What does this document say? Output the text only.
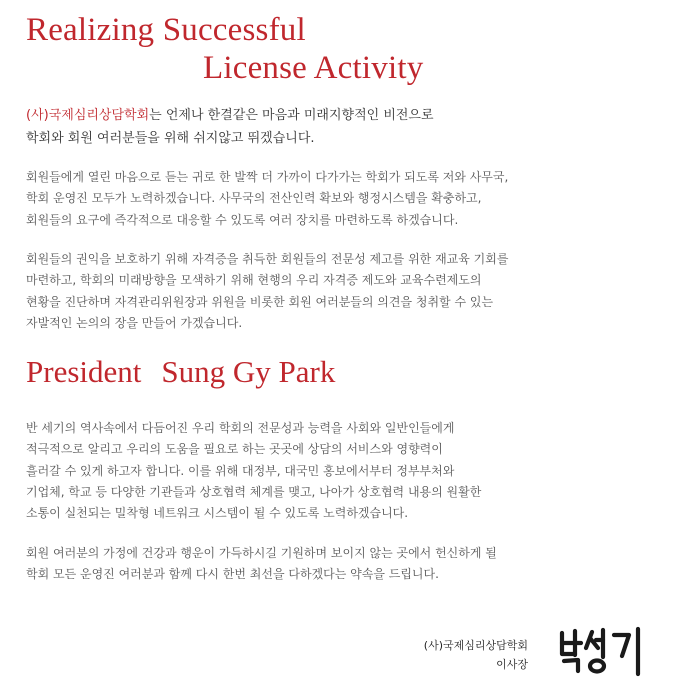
Realizing Successful
License Activity
(사)국제심리상담학회는 언제나 한결같은 마음과 미래지향적인 비전으로
학회와 회원 여러분들을 위해 쉬지않고 뛰겠습니다.
회원들에게 열린 마음으로 듣는 귀로 한 발짝 더 가까이 다가가는 학회가 되도록 저와 사무국,
학회 운영진 모두가 노력하겠습니다. 사무국의 전산인력 확보와 행정시스템을 확충하고,
회원들의 요구에 즉각적으로 대응할 수 있도록 여러 장치를 마련하도록 하겠습니다.
회원들의 권익을 보호하기 위해 자격증을 취득한 회원들의 전문성 제고를 위한 재교육 기회를
마련하고, 학회의 미래방향을 모색하기 위해 현행의 우리 자격증 제도와 교육수련제도의
현황을 진단하며 자격관리위원장과 위원을 비롯한 회원 여러분들의 의견을 청취할 수 있는
자발적인 논의의 장을 만들어 가겠습니다.
President Sung Gy Park
반 세기의 역사속에서 다듬어진 우리 학회의 전문성과 능력을 사회와 일반인들에게
적극적으로 알리고 우리의 도움을 필요로 하는 곳곳에 상담의 서비스와 영향력이
흘러갈 수 있게 하고자 합니다. 이를 위해 대정부, 대국민 홍보에서부터 정부부처와
기업체, 학교 등 다양한 기관들과 상호협력 체계를 맺고, 나아가 상호협력 내용의 원활한
소통이 실천되는 밀착형 네트워크 시스템이 될 수 있도록 노력하겠습니다.
회원 여러분의 가정에 건강과 행운이 가득하시길 기원하며 보이지 않는 곳에서 헌신하게 될
학회 모든 운영진 여러분과 함께 다시 한번 최선을 다하겠다는 약속을 드립니다.
(사)국제심리상담학회
이사장
